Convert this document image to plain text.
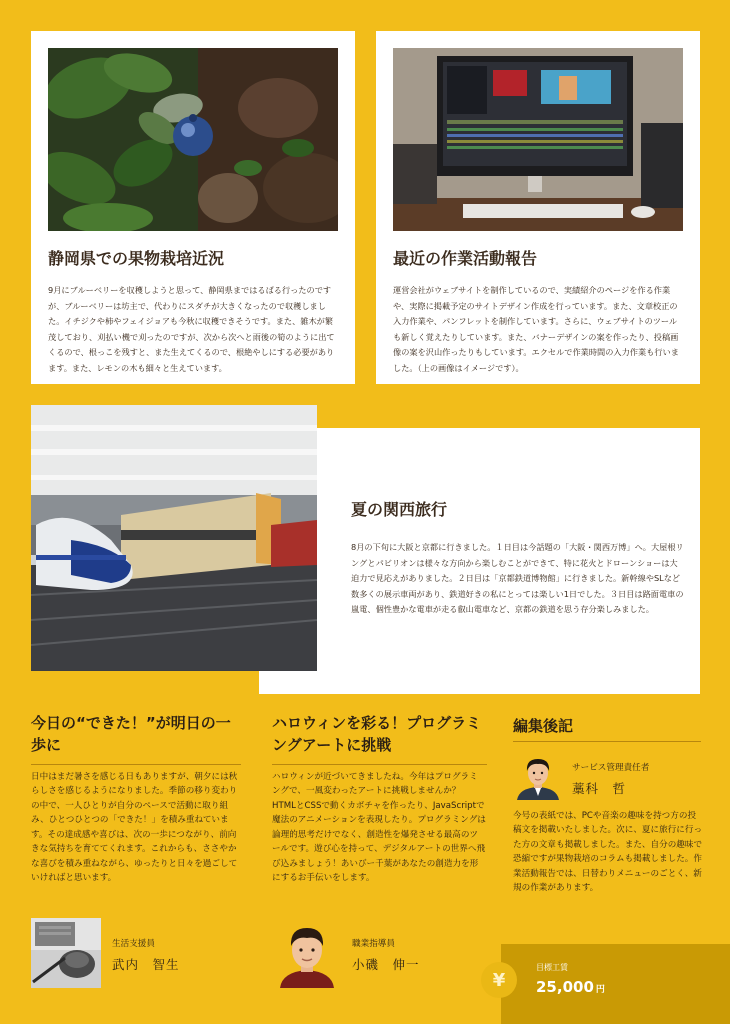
静岡県での果物栽培近況
9月にブルーベリーを収穫しようと思って、静岡県まではるばる行ったのですが、ブルーベリーは坊主で、代わりにスダチが大きくなったので収穫しました。イチジクや柿やフェイジョアも今秋に収穫できそうです。また、雑木が繁茂しており、刈払い機で刈ったのですが、次から次へと雨後の筍のように出てくるので、根っこを残すと、また生えてくるので、根絶やしにする必要があります。また、レモンの木も細々と生えています。
最近の作業活動報告
運営会社がウェブサイトを制作しているので、実績紹介のページを作る作業や、実際に掲載予定のサイトデザイン作成を行っています。また、文章校正の入力作業や、パンフレットを制作しています。さらに、ウェブサイトのツールも新しく覚えたりしています。また、バナーデザインの案を作ったり、投稿画像の案を沢山作ったりもしています。エクセルで作業時間の入力作業も行いました。（上の画像はイメージです）。
夏の関西旅行
8月の下旬に大阪と京都に行きました。１日目は今話題の「大阪・関西万博」へ。大屋根リングとパビリオンは様々な方向から楽しむことができて、特に花火とドローンショーは大迫力で見応えがありました。２日目は「京都鉄道博物館」に行きました。新幹線やSLなど数多くの展示車両があり、鉄道好きの私にとっては楽しい1日でした。３日目は路面電車の嵐電、個性豊かな電車が走る叡山電車など、京都の鉄道を思う存分楽しみました。
今日の“できた！”が明日の一歩に
日中はまだ暑さを感じる日もありますが、朝夕には秋らしさを感じるようになりました。季節の移り変わりの中で、一人ひとりが自分のペースで活動に取り組み、ひとつひとつの「できた！」を積み重ねています。その達成感や喜びは、次の一歩につながり、前向きな気持ちを育ててくれます。これからも、ささやかな喜びを積み重ねながら、ゆったりと日々を過ごしていければと思います。
生活支援員
武内　智生
ハロウィンを彩る！プログラミングアートに挑戦
ハロウィンが近づいてきましたね。今年はプログラミングで、一風変わったアートに挑戦しませんか？
HTMLとCSSで動くカボチャを作ったり、JavaScriptで魔法のアニメーションを表現したり。プログラミングは論理的思考だけでなく、創造性を爆発させる最高のツールです。遊び心を持って、デジタルアートの世界へ飛び込みましょう！あいびー千葉があなたの創造力を形にするお手伝いをします。
職業指導員
小磯　伸一
編集後記
サービス管理責任者
藁科　哲
今号の表紙では、PCや音楽の趣味を持つ方の投稿文を掲載いたしました。次に、夏に旅行に行った方の文章も掲載しました。また、自分の趣味で恐縮ですが果物栽培のコラムも掲載しました。作業活動報告では、日替わりメニューのごとく、新規の作業があります。
¥
目標工賃
25,000 円
